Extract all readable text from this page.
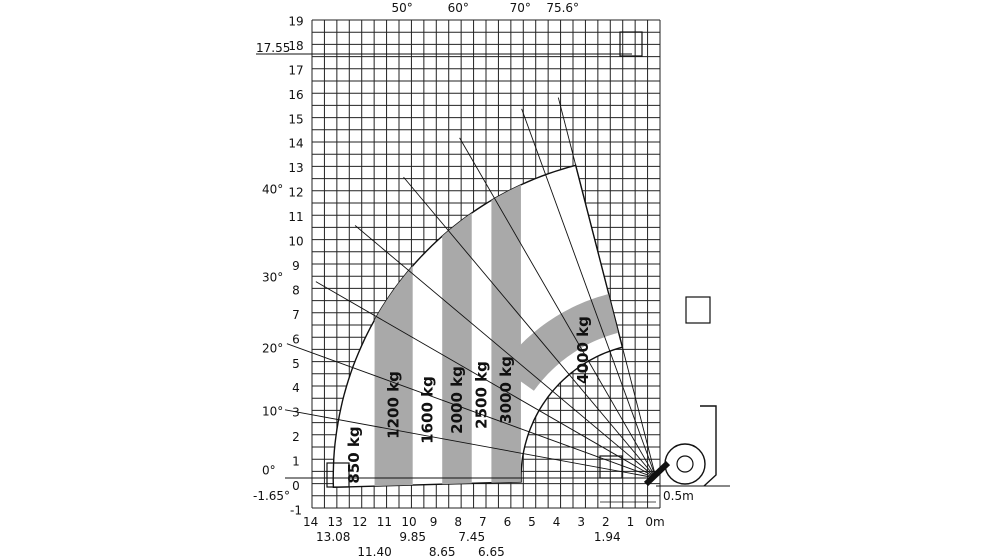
19
18
17
16
15
14
13
12
11
10
9
8
7
6
5
4
3
2
1
0
-1
14 13 12 11 10 9 8 7 6 5 4 3 2 1 0m
13.08
11.40
9.85
8.65
7.45
6.65
1.94
0°
10°
20°
30°
40°
50°	60°	70° 75.6°
850 kg
1200 kg 1600 kg 2000 kg 2500 kg 3000 kg
4000 kg
17.55
-1.65°	0.5m
